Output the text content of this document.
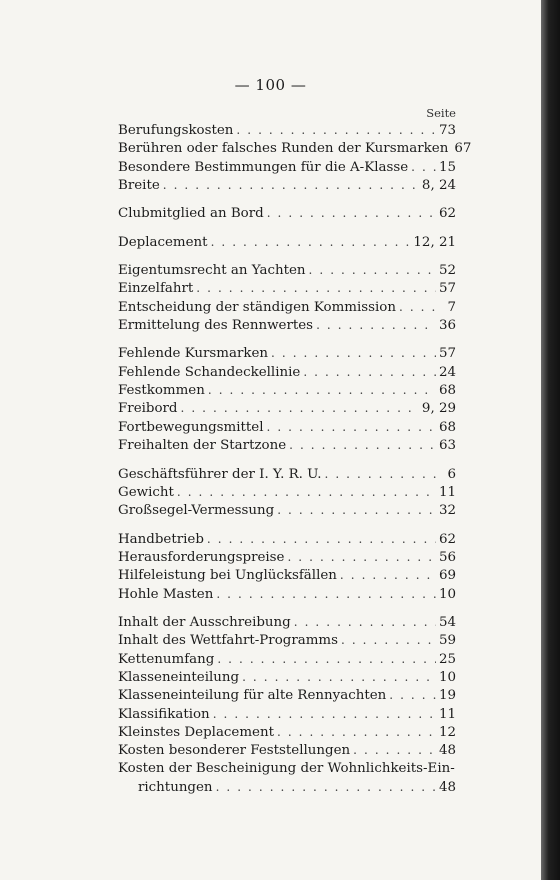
— 100 —
Seite
Berufungskosten . . .	73
Berühren oder falsches Runden der Kursmarken 67
Besondere Bestimmungen für die A-Klasse . . . 15
Breite . . .	8, 24
Clubmitglied an Bord . . .	62
Deplacement . . .	12, 21
Eigentumsrecht an Yachten . . .	52
Einzelfahrt . . .	57
Entscheidung der ständigen Kommission . . .	7
Ermittelung des Rennwertes . . .	36
Fehlende Kursmarken . . .	57
Fehlende Schandeckellinie . . .	24
Festkommen . . .	68
Freibord . . .	9, 29
Fortbewegungsmittel . . .	68
Freihalten der Startzone . . .	63
Geschäftsführer der I. Y. R. U. . . .	6
Gewicht . . .	11
Großsegel-Vermessung . . .	32
Handbetrieb . . .	62
Herausforderungspreise . . .	56
Hilfeleistung bei Unglücksfällen . . .	69
Hohle Masten . . .	10
Inhalt der Ausschreibung . . .	54
Inhalt des Wettfahrt-Programms . . .	59
Kettenumfang . . .	25
Klasseneinteilung . . .	10
Klasseneinteilung für alte Rennyachten . . .	19
Klassifikation . . .	11
Kleinstes Deplacement . . .	12
Kosten besonderer Feststellungen . . .	48
Kosten der Bescheinigung der Wohnlichkeits-Ein-
richtungen . . .	48
